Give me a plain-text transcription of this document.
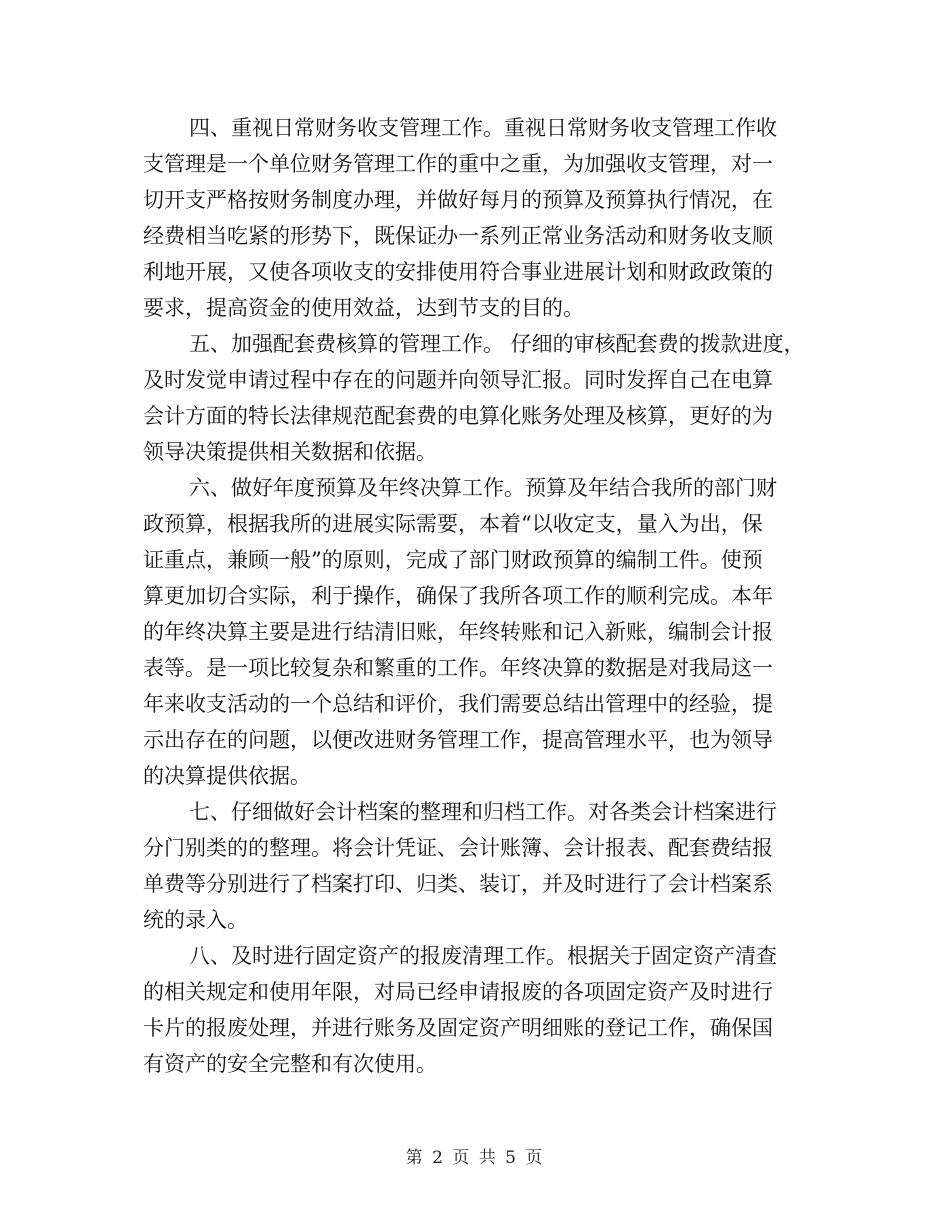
四、重视日常财务收支管理工作。重视日常财务收支管理工作收
支管理是一个单位财务管理工作的重中之重，为加强收支管理，对一
切开支严格按财务制度办理，并做好每月的预算及预算执行情况，在
经费相当吃紧的形势下，既保证办一系列正常业务活动和财务收支顺
利地开展，又使各项收支的安排使用符合事业进展计划和财政政策的
要求，提高资金的使用效益，达到节支的目的。

五、加强配套费核算的管理工作。 仔细的审核配套费的拨款进度，
及时发觉申请过程中存在的问题并向领导汇报。同时发挥自己在电算
会计方面的特长法律规范配套费的电算化账务处理及核算，更好的为
领导决策提供相关数据和依据。

六、做好年度预算及年终决算工作。预算及年结合我所的部门财
政预算，根据我所的进展实际需要，本着“以收定支，量入为出，保
证重点，兼顾一般”的原则，完成了部门财政预算的编制工件。使预
算更加切合实际，利于操作，确保了我所各项工作的顺利完成。本年
的年终决算主要是进行结清旧账，年终转账和记入新账，编制会计报
表等。是一项比较复杂和繁重的工作。年终决算的数据是对我局这一
年来收支活动的一个总结和评价，我们需要总结出管理中的经验，提
示出存在的问题，以便改进财务管理工作，提高管理水平，也为领导
的决算提供依据。

七、仔细做好会计档案的整理和归档工作。对各类会计档案进行
分门别类的的整理。将会计凭证、会计账簿、会计报表、配套费结报
单费等分别进行了档案打印、归类、装订，并及时进行了会计档案系
统的录入。

八、及时进行固定资产的报废清理工作。根据关于固定资产清查
的相关规定和使用年限，对局已经申请报废的各项固定资产及时进行
卡片的报废处理，并进行账务及固定资产明细账的登记工作，确保国
有资产的安全完整和有次使用。

第 2 页 共 5 页
